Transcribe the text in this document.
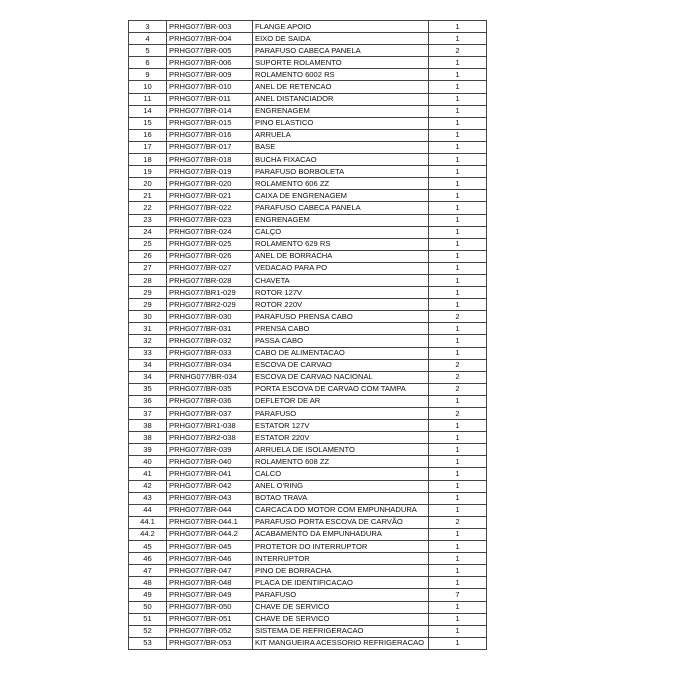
3	PRHG077/BR-003	FLANGE APOIO	1
4	PRHG077/BR-004	EIXO DE SAIDA	1
5	PRHG077/BR-005	PARAFUSO CABECA PANELA	2
6	PRHG077/BR-006	SUPORTE ROLAMENTO	1
9	PRHG077/BR-009	ROLAMENTO 6002 RS	1
10	PRHG077/BR-010	ANEL DE RETENCAO	1
11	PRHG077/BR-011	ANEL DISTANCIADOR	1
14	PRHG077/BR-014	ENGRENAGEM	1
15	PRHG077/BR-015	PINO ELASTICO	1
16	PRHG077/BR-016	ARRUELA	1
17	PRHG077/BR-017	BASE	1
18	PRHG077/BR-018	BUCHA FIXACAO	1
19	PRHG077/BR-019	PARAFUSO BORBOLETA	1
20	PRHG077/BR-020	ROLAMENTO 606 ZZ	1
21	PRHG077/BR-021	CAIXA DE ENGRENAGEM	1
22	PRHG077/BR-022	PARAFUSO CABECA PANELA	1
23	PRHG077/BR-023	ENGRENAGEM	1
24	PRHG077/BR-024	CALÇO	1
25	PRHG077/BR-025	ROLAMENTO 629 RS	1
26	PRHG077/BR-026	ANEL DE BORRACHA	1
27	PRHG077/BR-027	VEDACAO PARA PO	1
28	PRHG077/BR-028	CHAVETA	1
29	PRHG077/BR1-029	ROTOR 127V	1
29	PRHG077/BR2-029	ROTOR 220V	1
30	PRHG077/BR-030	PARAFUSO PRENSA CABO	2
31	PRHG077/BR-031	PRENSA CABO	1
32	PRHG077/BR-032	PASSA CABO	1
33	PRHG077/BR-033	CABO DE ALIMENTACAO	1
34	PRHG077/BR-034	ESCOVA DE CARVAO	2
34	PRNHG077/BR-034	ESCOVA DE CARVAO NACIONAL	2
35	PRHG077/BR-035	PORTA ESCOVA DE CARVAO COM TAMPA	2
36	PRHG077/BR-036	DEFLETOR DE AR	1
37	PRHG077/BR-037	PARAFUSO	2
38	PRHG077/BR1-038	ESTATOR 127V	1
38	PRHG077/BR2-038	ESTATOR 220V	1
39	PRHG077/BR-039	ARRUELA DE ISOLAMENTO	1
40	PRHG077/BR-040	ROLAMENTO 608 ZZ	1
41	PRHG077/BR-041	CALCO	1
42	PRHG077/BR-042	ANEL O'RING	1
43	PRHG077/BR-043	BOTAO TRAVA	1
44	PRHG077/BR-044	CARCACA DO MOTOR COM EMPUNHADURA	1
44.1	PRHG077/BR-044.1	PARAFUSO PORTA ESCOVA DE CARVÃO	2
44.2	PRHG077/BR-044.2	ACABAMENTO DA EMPUNHADURA	1
45	PRHG077/BR-045	PROTETOR DO INTERRUPTOR	1
46	PRHG077/BR-046	INTERRUPTOR	1
47	PRHG077/BR-047	PINO DE BORRACHA	1
48	PRHG077/BR-048	PLACA DE IDENTIFICACAO	1
49	PRHG077/BR-049	PARAFUSO	7
50	PRHG077/BR-050	CHAVE DE SERVICO	1
51	PRHG077/BR-051	CHAVE DE SERVICO	1
52	PRHG077/BR-052	SISTEMA DE REFRIGERACAO	1
53	PRHG077/BR-053	KIT MANGUEIRA ACESSORIO REFRIGERACAO	1
